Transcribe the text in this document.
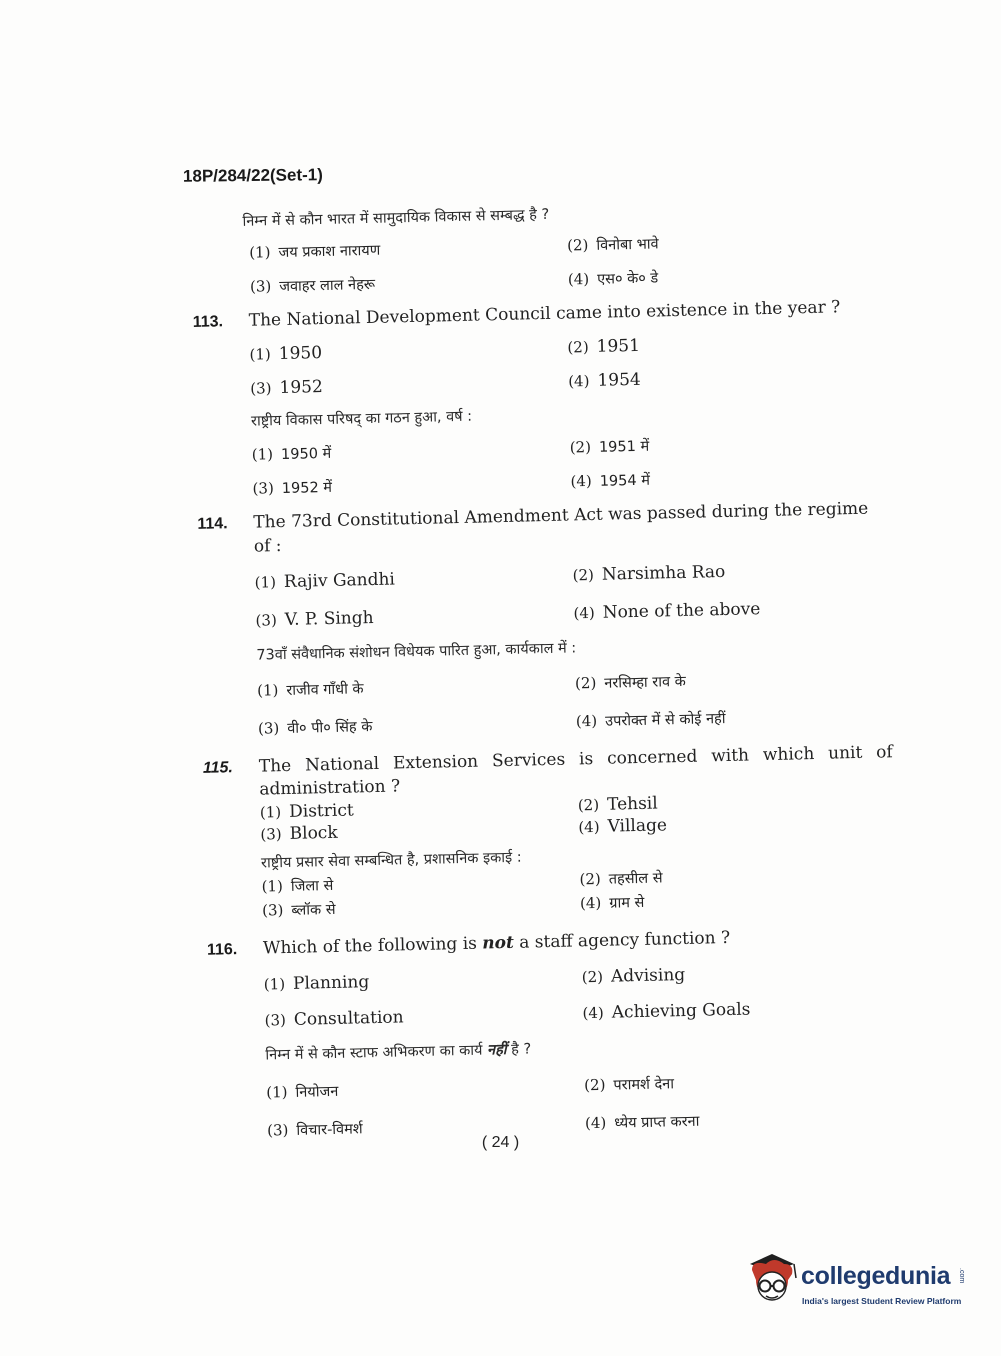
18P/284/22(Set-1)
निम्न में से कौन भारत में सामुदायिक विकास से सम्बद्ध है ?
(1) जय प्रकाश नारायण	(2) विनोबा भावे
(3) जवाहर लाल नेहरू	(4) एस० के० डे
113.	The National Development Council came into existence in the year ?
(1) 1950	(2) 1951
(3) 1952	(4) 1954
राष्ट्रीय विकास परिषद् का गठन हुआ, वर्ष :
(1) 1950 में	(2) 1951 में
(3) 1952 में	(4) 1954 में
114.	The 73rd Constitutional Amendment Act was passed during the regime of :
(1) Rajiv Gandhi	(2) Narsimha Rao
(3) V. P. Singh	(4) None of the above
73वाँ संवैधानिक संशोधन विधेयक पारित हुआ, कार्यकाल में :
(1) राजीव गाँधी के	(2) नरसिम्हा राव के
(3) वी० पी० सिंह के	(4) उपरोक्त में से कोई नहीं
115.	The National Extension Services is concerned with which unit of
administration ?
(1) District	(2) Tehsil
(3) Block	(4) Village
राष्ट्रीय प्रसार सेवा सम्बन्धित है, प्रशासनिक इकाई :
(1) जिला से	(2) तहसील से
(3) ब्लॉक से	(4) ग्राम से
116.	Which of the following is not a staff agency function ?
(1) Planning	(2) Advising
(3) Consultation	(4) Achieving Goals
निम्न में से कौन स्टाफ अभिकरण का कार्य नहीं है ?
(1) नियोजन	(2) परामर्श देना
(3) विचार-विमर्श	(4) ध्येय प्राप्त करना
( 24 )
collegedunia .com
India's largest Student Review Platform
